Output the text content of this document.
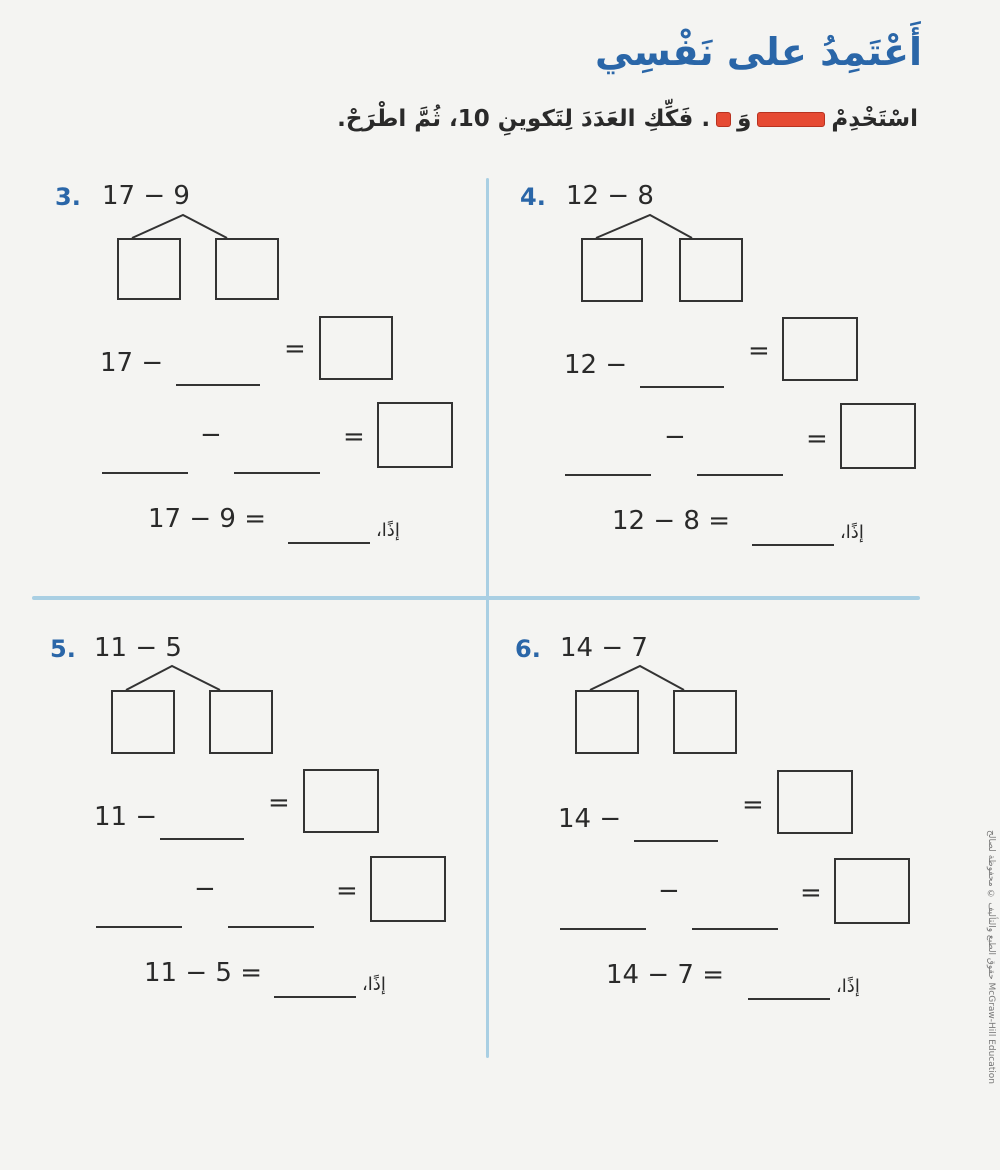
أَعْتَمِدُ على نَفْسِي
اسْتَخْدِمْ
وَ
. فَكِّكِ العَدَدَ لِتَكوينِ 10، ثُمَّ اطْرَحْ.
3. 17 − 9
17 −	=
−	=
17 − 9 =	إذًا،
4. 12 − 8
12 −	=
−	=
12 − 8 =	إذًا،
5. 11 − 5
11 −	=
−	=
11 − 5 =	إذًا،
6. 14 − 7
14 −	=
−	=
14 − 7 =	إذًا،
حقوق الطبع والتأليف © محفوظة لصالح McGraw-Hill Education
